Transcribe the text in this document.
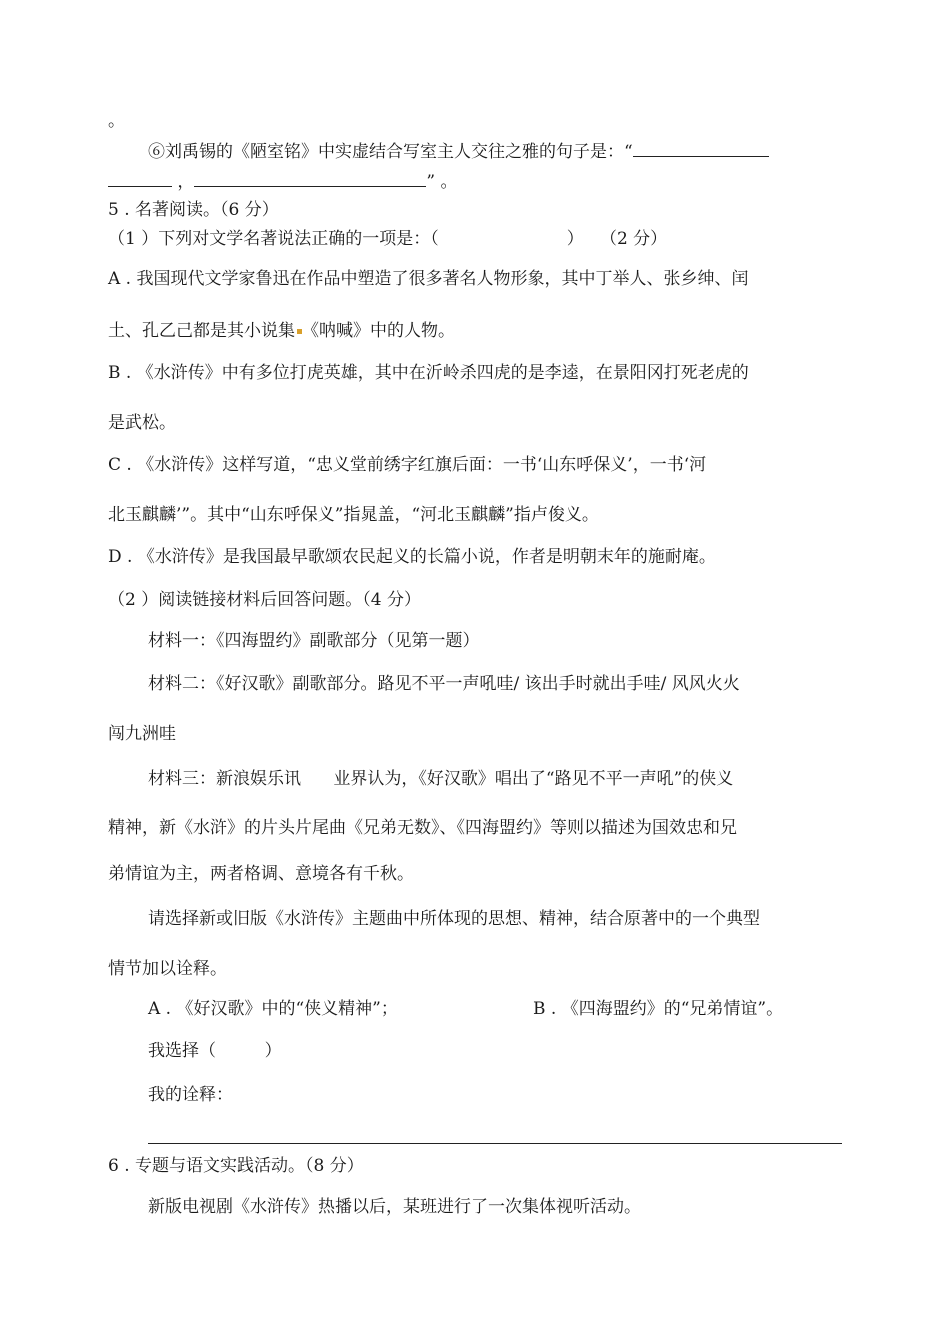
。
⑥刘禹锡的《陋室铭》中实虚结合写室主人交往之雅的句子是：“
，	” 。
5 . 名著阅读。（6 分）
（1 ）下列对文学名著说法正确的一项是：（	）   （2 分）
A . 我国现代文学家鲁迅在作品中塑造了很多著名人物形象，其中丁举人、张乡绅、闰
土、孔乙己都是其小说集 《呐喊》中的人物。
B . 《水浒传》中有多位打虎英雄，其中在沂岭杀四虎的是李逵，在景阳冈打死老虎的
是武松。
C . 《水浒传》这样写道，“忠义堂前绣字红旗后面：一书‘山东呼保义’，一书‘河
北玉麒麟’”。其中“山东呼保义”指晁盖，“河北玉麒麟”指卢俊义。
D . 《水浒传》是我国最早歌颂农民起义的长篇小说，作者是明朝末年的施耐庵。
（2 ）阅读链接材料后回答问题。（4 分）
材料一：《四海盟约》副歌部分（见第一题）
材料二：《好汉歌》副歌部分。路见不平一声吼哇/ 该出手时就出手哇/ 风风火火
闯九洲哇
材料三：新浪娱乐讯      业界认为，《好汉歌》唱出了“路见不平一声吼”的侠义
精神，新《水浒》的片头片尾曲《兄弟无数》、《四海盟约》等则以描述为国效忠和兄
弟情谊为主，两者格调、意境各有千秋。
请选择新或旧版《水浒传》主题曲中所体现的思想、精神，结合原著中的一个典型
情节加以诠释。
A . 《好汉歌》中的“侠义精神”；	B . 《四海盟约》的“兄弟情谊”。
我选择（         ）
我的诠释：
6 . 专题与语文实践活动。（8 分）
新版电视剧《水浒传》热播以后，某班进行了一次集体视听活动。
